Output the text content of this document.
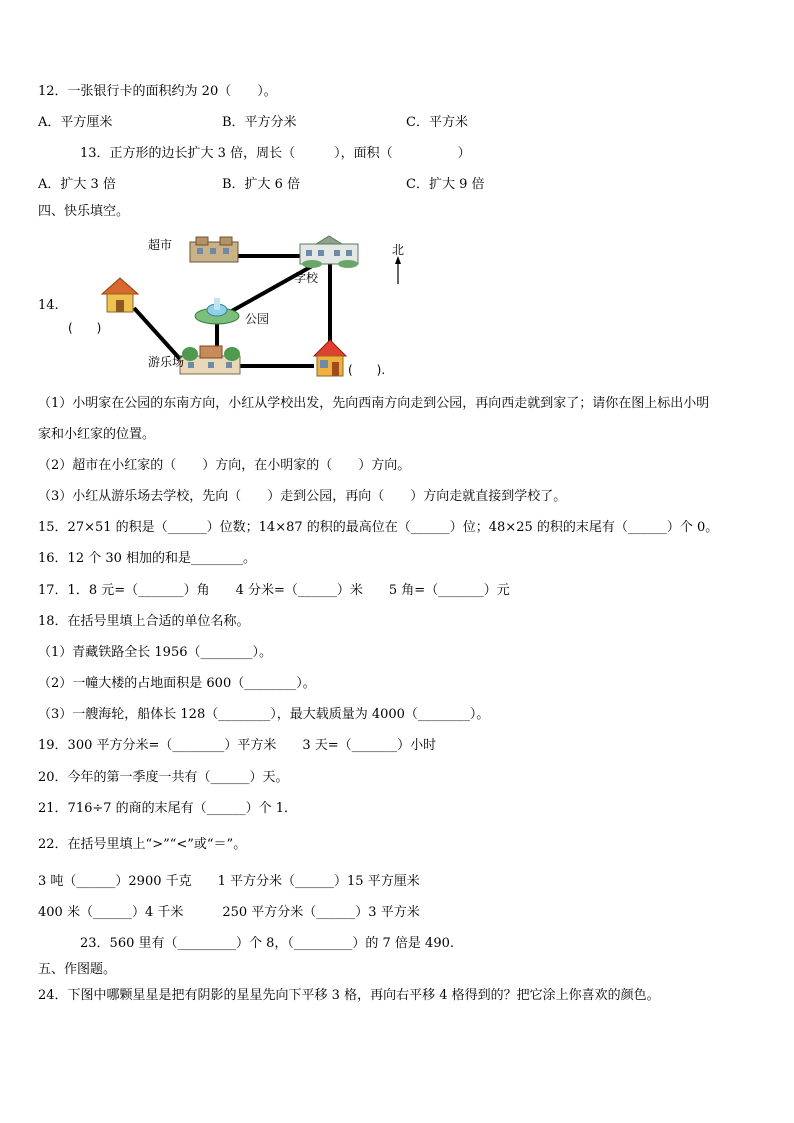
12．一张银行卡的面积约为 20（　　）。
A．平方厘米	B．平方分米	C．平方米
13．正方形的边长扩大 3 倍，周长（　　　），面积（　　　　　）
A．扩大 3 倍	B．扩大 6 倍	C．扩大 9 倍
四、快乐填空。
14.
超市
学校
北
(　　)
公园
游乐场
(　　).
（1）小明家在公园的东南方向，小红从学校出发，先向西南方向走到公园，再向西走就到家了；请你在图上标出小明
家和小红家的位置。
（2）超市在小红家的（　　）方向，在小明家的（　　）方向。
（3）小红从游乐场去学校，先向（　　）走到公园，再向（　　）方向走就直接到学校了。
15．27×51 的积是（______）位数；14×87 的积的最高位在（______）位；48×25 的积的末尾有（______）个 0。
16．12 个 30 相加的和是________。
17．1．8 元=（_______）角　　4 分米=（______）米　　5 角=（_______）元
18．在括号里填上合适的单位名称。
（1）青藏铁路全长 1956（________）。
（2）一幢大楼的占地面积是 600（________）。
（3）一艘海轮，船体长 128（________），最大载质量为 4000（________）。
19．300 平方分米=（________）平方米　　3 天=（_______）小时
20．今年的第一季度一共有（______）天。
21．716÷7 的商的末尾有（______）个 1．
22．在括号里填上“>”“<”或“＝”。
3 吨（______）2900 千克　　1 平方分米（______）15 平方厘米
400 米（______）4 千米　　　250 平方分米（______）3 平方米
23．560 里有（_________）个 8，（_________）的 7 倍是 490.
五、作图题。
24．下图中哪颗星星是把有阴影的星星先向下平移 3 格，再向右平移 4 格得到的？把它涂上你喜欢的颜色。
